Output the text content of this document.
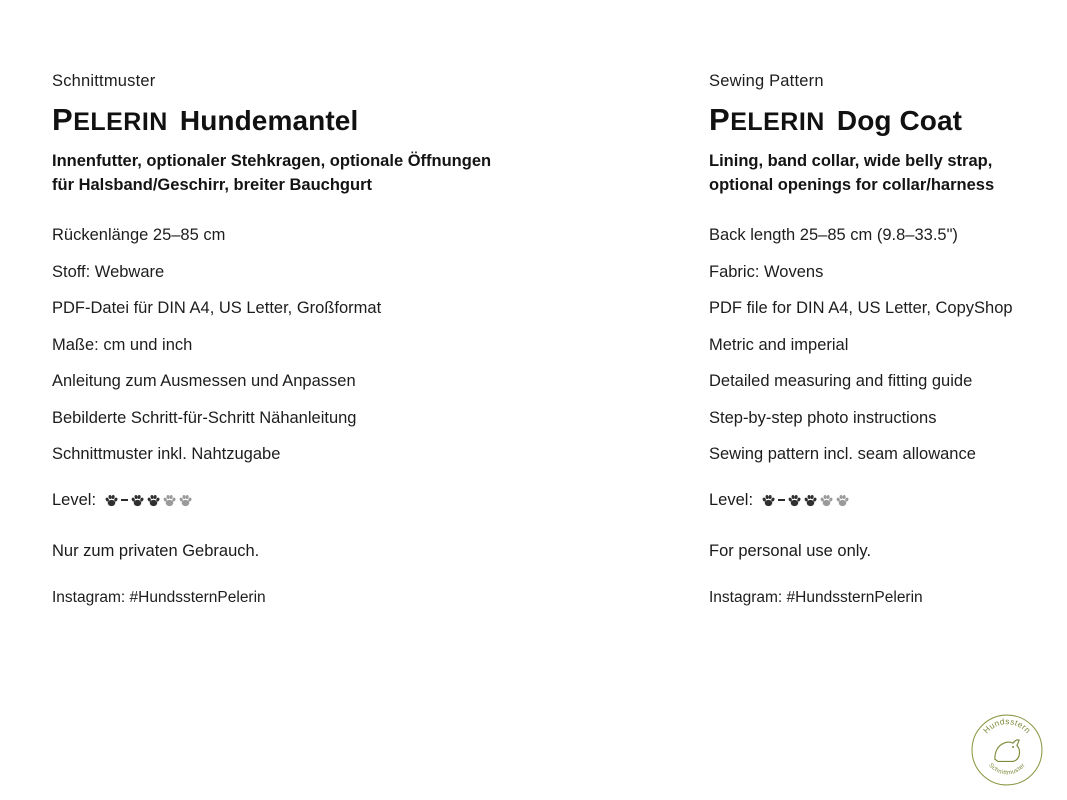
Schnittmuster

PELERIN Hundemantel

Innenfutter, optionaler Stehkragen, optionale Öffnungen
für Halsband/Geschirr, breiter Bauchgurt

Rückenlänge 25–85 cm
Stoff: Webware
PDF-Datei für DIN A4, US Letter, Großformat
Maße: cm und inch
Anleitung zum Ausmessen und Anpassen
Bebilderte Schritt-für-Schritt Nähanleitung
Schnittmuster inkl. Nahtzugabe
Level:

Nur zum privaten Gebrauch.

Instagram: #HundssternPelerin

Sewing Pattern

PELERIN Dog Coat

Lining, band collar, wide belly strap,
optional openings for collar/harness

Back length 25–85 cm (9.8–33.5")
Fabric: Wovens
PDF file for DIN A4, US Letter, CopyShop
Metric and imperial
Detailed measuring and fitting guide
Step-by-step photo instructions
Sewing pattern incl. seam allowance
Level:

For personal use only.

Instagram: #HundssternPelerin

Hundsstern
Schnittmuster
